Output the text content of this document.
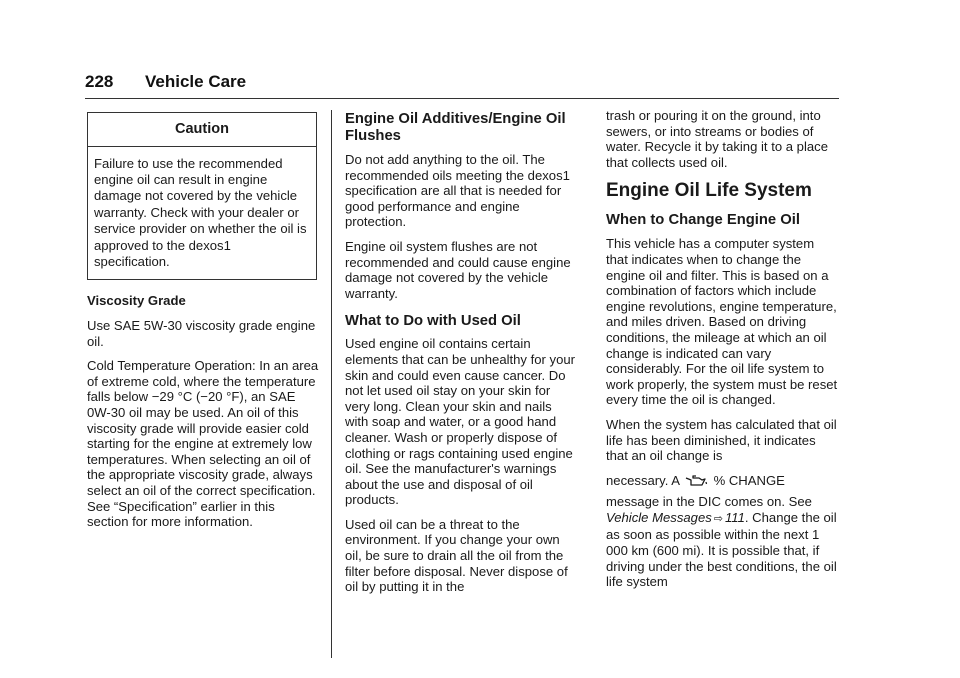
228 Vehicle Care
Caution
Failure to use the recommended engine oil can result in engine damage not covered by the vehicle warranty. Check with your dealer or service provider on whether the oil is approved to the dexos1 specification.

Viscosity Grade

Use SAE 5W-30 viscosity grade engine oil.

Cold Temperature Operation: In an area of extreme cold, where the temperature falls below −29 °C (−20 °F), an SAE 0W-30 oil may be used. An oil of this viscosity grade will provide easier cold starting for the engine at extremely low temperatures. When selecting an oil of the appropriate viscosity grade, always select an oil of the correct specification. See “Specification” earlier in this section for more information.

Engine Oil Additives/Engine Oil Flushes

Do not add anything to the oil. The recommended oils meeting the dexos1 specification are all that is needed for good performance and engine protection.

Engine oil system flushes are not recommended and could cause engine damage not covered by the vehicle warranty.

What to Do with Used Oil

Used engine oil contains certain elements that can be unhealthy for your skin and could even cause cancer. Do not let used oil stay on your skin for very long. Clean your skin and nails with soap and water, or a good hand cleaner. Wash or properly dispose of clothing or rags containing used engine oil. See the manufacturer's warnings about the use and disposal of oil products.

Used oil can be a threat to the environment. If you change your own oil, be sure to drain all the oil from the filter before disposal. Never dispose of oil by putting it in the

trash or pouring it on the ground, into sewers, or into streams or bodies of water. Recycle it by taking it to a place that collects used oil.

Engine Oil Life System
When to Change Engine Oil

This vehicle has a computer system that indicates when to change the engine oil and filter. This is based on a combination of factors which include engine revolutions, engine temperature, and miles driven. Based on driving conditions, the mileage at which an oil change is indicated can vary considerably. For the oil life system to work properly, the system must be reset every time the oil is changed.

When the system has calculated that oil life has been diminished, it indicates that an oil change is

necessary. A	% CHANGE

message in the DIC comes on. See Vehicle Messages ⇨ 111. Change the oil as soon as possible within the next 1 000 km (600 mi). It is possible that, if driving under the best conditions, the oil life system
